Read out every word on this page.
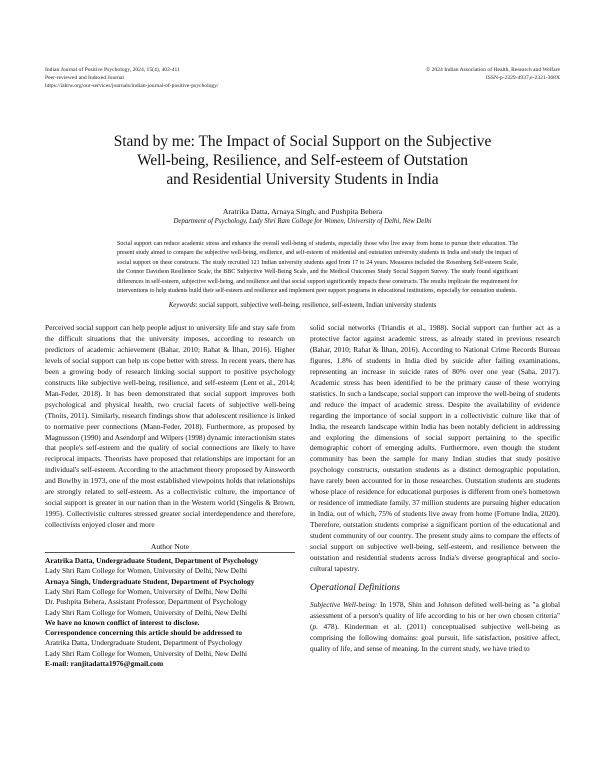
Indian Journal of Positive Psychology, 2024, 15(4), 402-411
Peer-reviewed and Indexed Journal
https://iahrw.org/our-services/journals/indian-journal-of-positive-psychology/
© 2024 Indian Association of Health, Research and Welfare
ISSN-p-2229-4937,e-2321-368X
Stand by me: The Impact of Social Support on the Subjective
Well-being, Resilience, and Self-esteem of Outstation
and Residential University Students in India
Aratrika Datta, Arnaya Singh, and Pushpita Behera
Department of Psychology, Lady Shri Ram College for Women, University of Delhi, New Delhi
Social support can reduce academic stress and enhance the overall well-being of students, especially those who live away from home to pursue their education. The present study aimed to compare the subjective well-being, resilience, and self-esteem of residential and outstation university students in India and study the impact of social support on these constructs. The study recruited 121 Indian university students aged from 17 to 24 years. Measures included the Rosenberg Self-esteem Scale, the Connor Davidson Resilience Scale, the BBC Subjective Well-Being Scale, and the Medical Outcomes Study Social Support Survey. The study found significant differences in self-esteem, subjective well-being, and resilience and that social support significantly impacts these constructs. The results implicate the requirement for interventions to help students build their self-esteem and resilience and implement peer support programs in educational institutions, especially for outstation students.
Keywords: social support, subjective well-being, resilience, self-esteem, Indian university students

Perceived social support can help people adjust to university life and stay safe from the difficult situations that the university imposes, according to research on predictors of academic achievement (Bahar, 2010; Rahat & İlhan, 2016). Higher levels of social support can help us cope better with stress. In recent years, there has been a growing body of research linking social support to positive psychology constructs like subjective well-being, resilience, and self-esteem (Lent et al., 2014; Man-Feder, 2018). It has been demonstrated that social support improves both psychological and physical health, two crucial facets of subjective well-being (Thoits, 2011). Similarly, research findings show that adolescent resilience is linked to normative peer connections (Mann-Feder, 2018). Furthermore, as proposed by Magnusson (1990) and Asendorpf and Wilpers (1998) dynamic interactionism states that people's self-esteem and the quality of social connections are likely to have reciprocal impacts. Theorists have proposed that relationships are important for an individual's self-esteem. According to the attachment theory proposed by Ainsworth and Bowlby in 1973, one of the most established viewpoints holds that relationships are strongly related to self-esteem. As a collectivistic culture, the importance of social support is greater in our nation than in the Western world (Singelis & Brown, 1995). Collectivistic cultures stressed greater social interdependence and therefore, collectivists enjoyed closer and more

Author Note
Aratrika Datta, Undergraduate Student, Department of Psychology
Lady Shri Ram College for Women, University of Delhi, New Delhi
Arnaya Singh, Undergraduate Student, Department of Psychology
Lady Shri Ram College for Women, University of Delhi, New Delhi
Dr. Pushpita Behera, Assistant Professor, Department of Psychology
Lady Shri Ram College for Women, University of Delhi, New Delhi
We have no known conflict of interest to disclose.
Correspondence concerning this article should be addressed to
Aratrika Datta, Undergraduate Student, Department of Psychology
Lady Shri Ram College for Women, University of Delhi, New Delhi
E-mail: ranjitadatta1976@gmail.com

solid social networks (Triandis et al., 1988). Social support can further act as a protective factor against academic stress, as already stated in previous research (Bahar, 2010; Rahat & İlhan, 2016). According to National Crime Records Bureau figures, 1.8% of students in India died by suicide after failing examinations, representing an increase in suicide rates of 80% over one year (Saha, 2017). Academic stress has been identified to be the primary cause of these worrying statistics. In such a landscape, social support can improve the well-being of students and reduce the impact of academic stress. Despite the availability of evidence regarding the importance of social support in a collectivistic culture like that of India, the research landscape within India has been notably deficient in addressing and exploring the dimensions of social support pertaining to the specific demographic cohort of emerging adults. Furthermore, even though the student community has been the sample for many Indian studies that study positive psychology constructs, outstation students as a distinct demographic population, have rarely been accounted for in those researches. Outstation students are students whose place of residence for educational purposes is different from one's hometown or residence of immediate family. 37 million students are pursuing higher education in India, out of which, 75% of students live away from home (Fortune India, 2020). Therefore, outstation students comprise a significant portion of the educational and student community of our country. The present study aims to compare the effects of social support on subjective well-being, self-esteem, and resilience between the outstation and residential students across India's diverse geographical and socio-cultural tapestry.

Operational Definitions

Subjective Well-being: In 1978, Shin and Johnson defined well-being as "a global assessment of a person's quality of life according to his or her own chosen criteria" (p. 478). Kinderman et al. (2011) conceptualised subjective well-being as comprising the following domains: goal pursuit, life satisfaction, positive affect, quality of life, and sense of meaning. In the current study, we have tried to
